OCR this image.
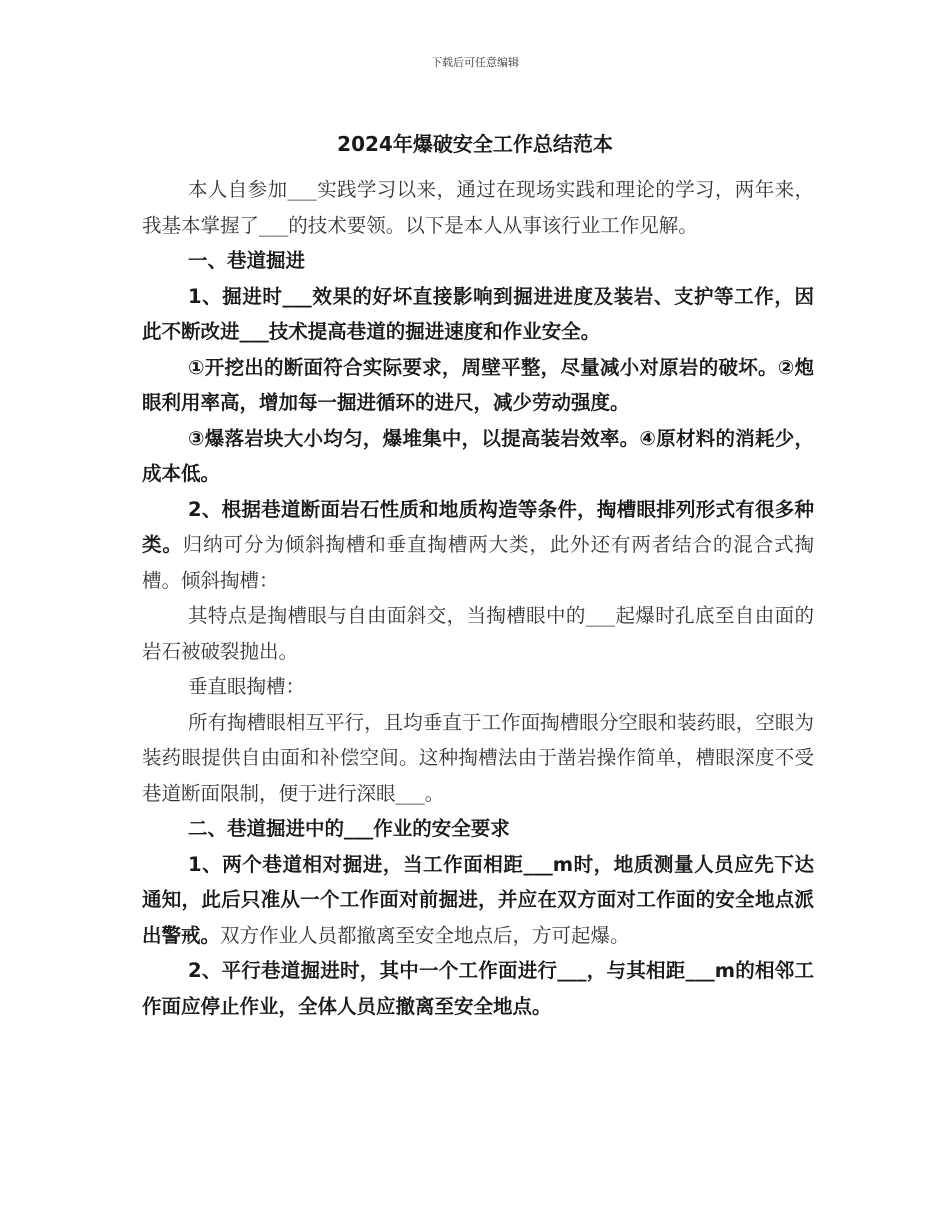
下载后可任意编辑
2024年爆破安全工作总结范本

本人自参加___实践学习以来，通过在现场实践和理论的学习，两年来，我基本掌握了___的技术要领。以下是本人从事该行业工作见解。

一、巷道掘进

1、掘进时___效果的好坏直接影响到掘进进度及装岩、支护等工作，因此不断改进___技术提高巷道的掘进速度和作业安全。

①开挖出的断面符合实际要求，周壁平整，尽量减小对原岩的破坏。②炮眼利用率高，增加每一掘进循环的进尺，减少劳动强度。

③爆落岩块大小均匀，爆堆集中，以提高装岩效率。④原材料的消耗少，成本低。

2、根据巷道断面岩石性质和地质构造等条件，掏槽眼排列形式有很多种类。归纳可分为倾斜掏槽和垂直掏槽两大类，此外还有两者结合的混合式掏槽。倾斜掏槽：

其特点是掏槽眼与自由面斜交，当掏槽眼中的___起爆时孔底至自由面的岩石被破裂抛出。

垂直眼掏槽：

所有掏槽眼相互平行，且均垂直于工作面掏槽眼分空眼和装药眼，空眼为装药眼提供自由面和补偿空间。这种掏槽法由于凿岩操作简单，槽眼深度不受巷道断面限制，便于进行深眼___。

二、巷道掘进中的___作业的安全要求

1、两个巷道相对掘进，当工作面相距___m时，地质测量人员应先下达通知，此后只准从一个工作面对前掘进，并应在双方面对工作面的安全地点派出警戒。双方作业人员都撤离至安全地点后，方可起爆。

2、平行巷道掘进时，其中一个工作面进行___，与其相距___m的相邻工作面应停止作业，全体人员应撤离至安全地点。
